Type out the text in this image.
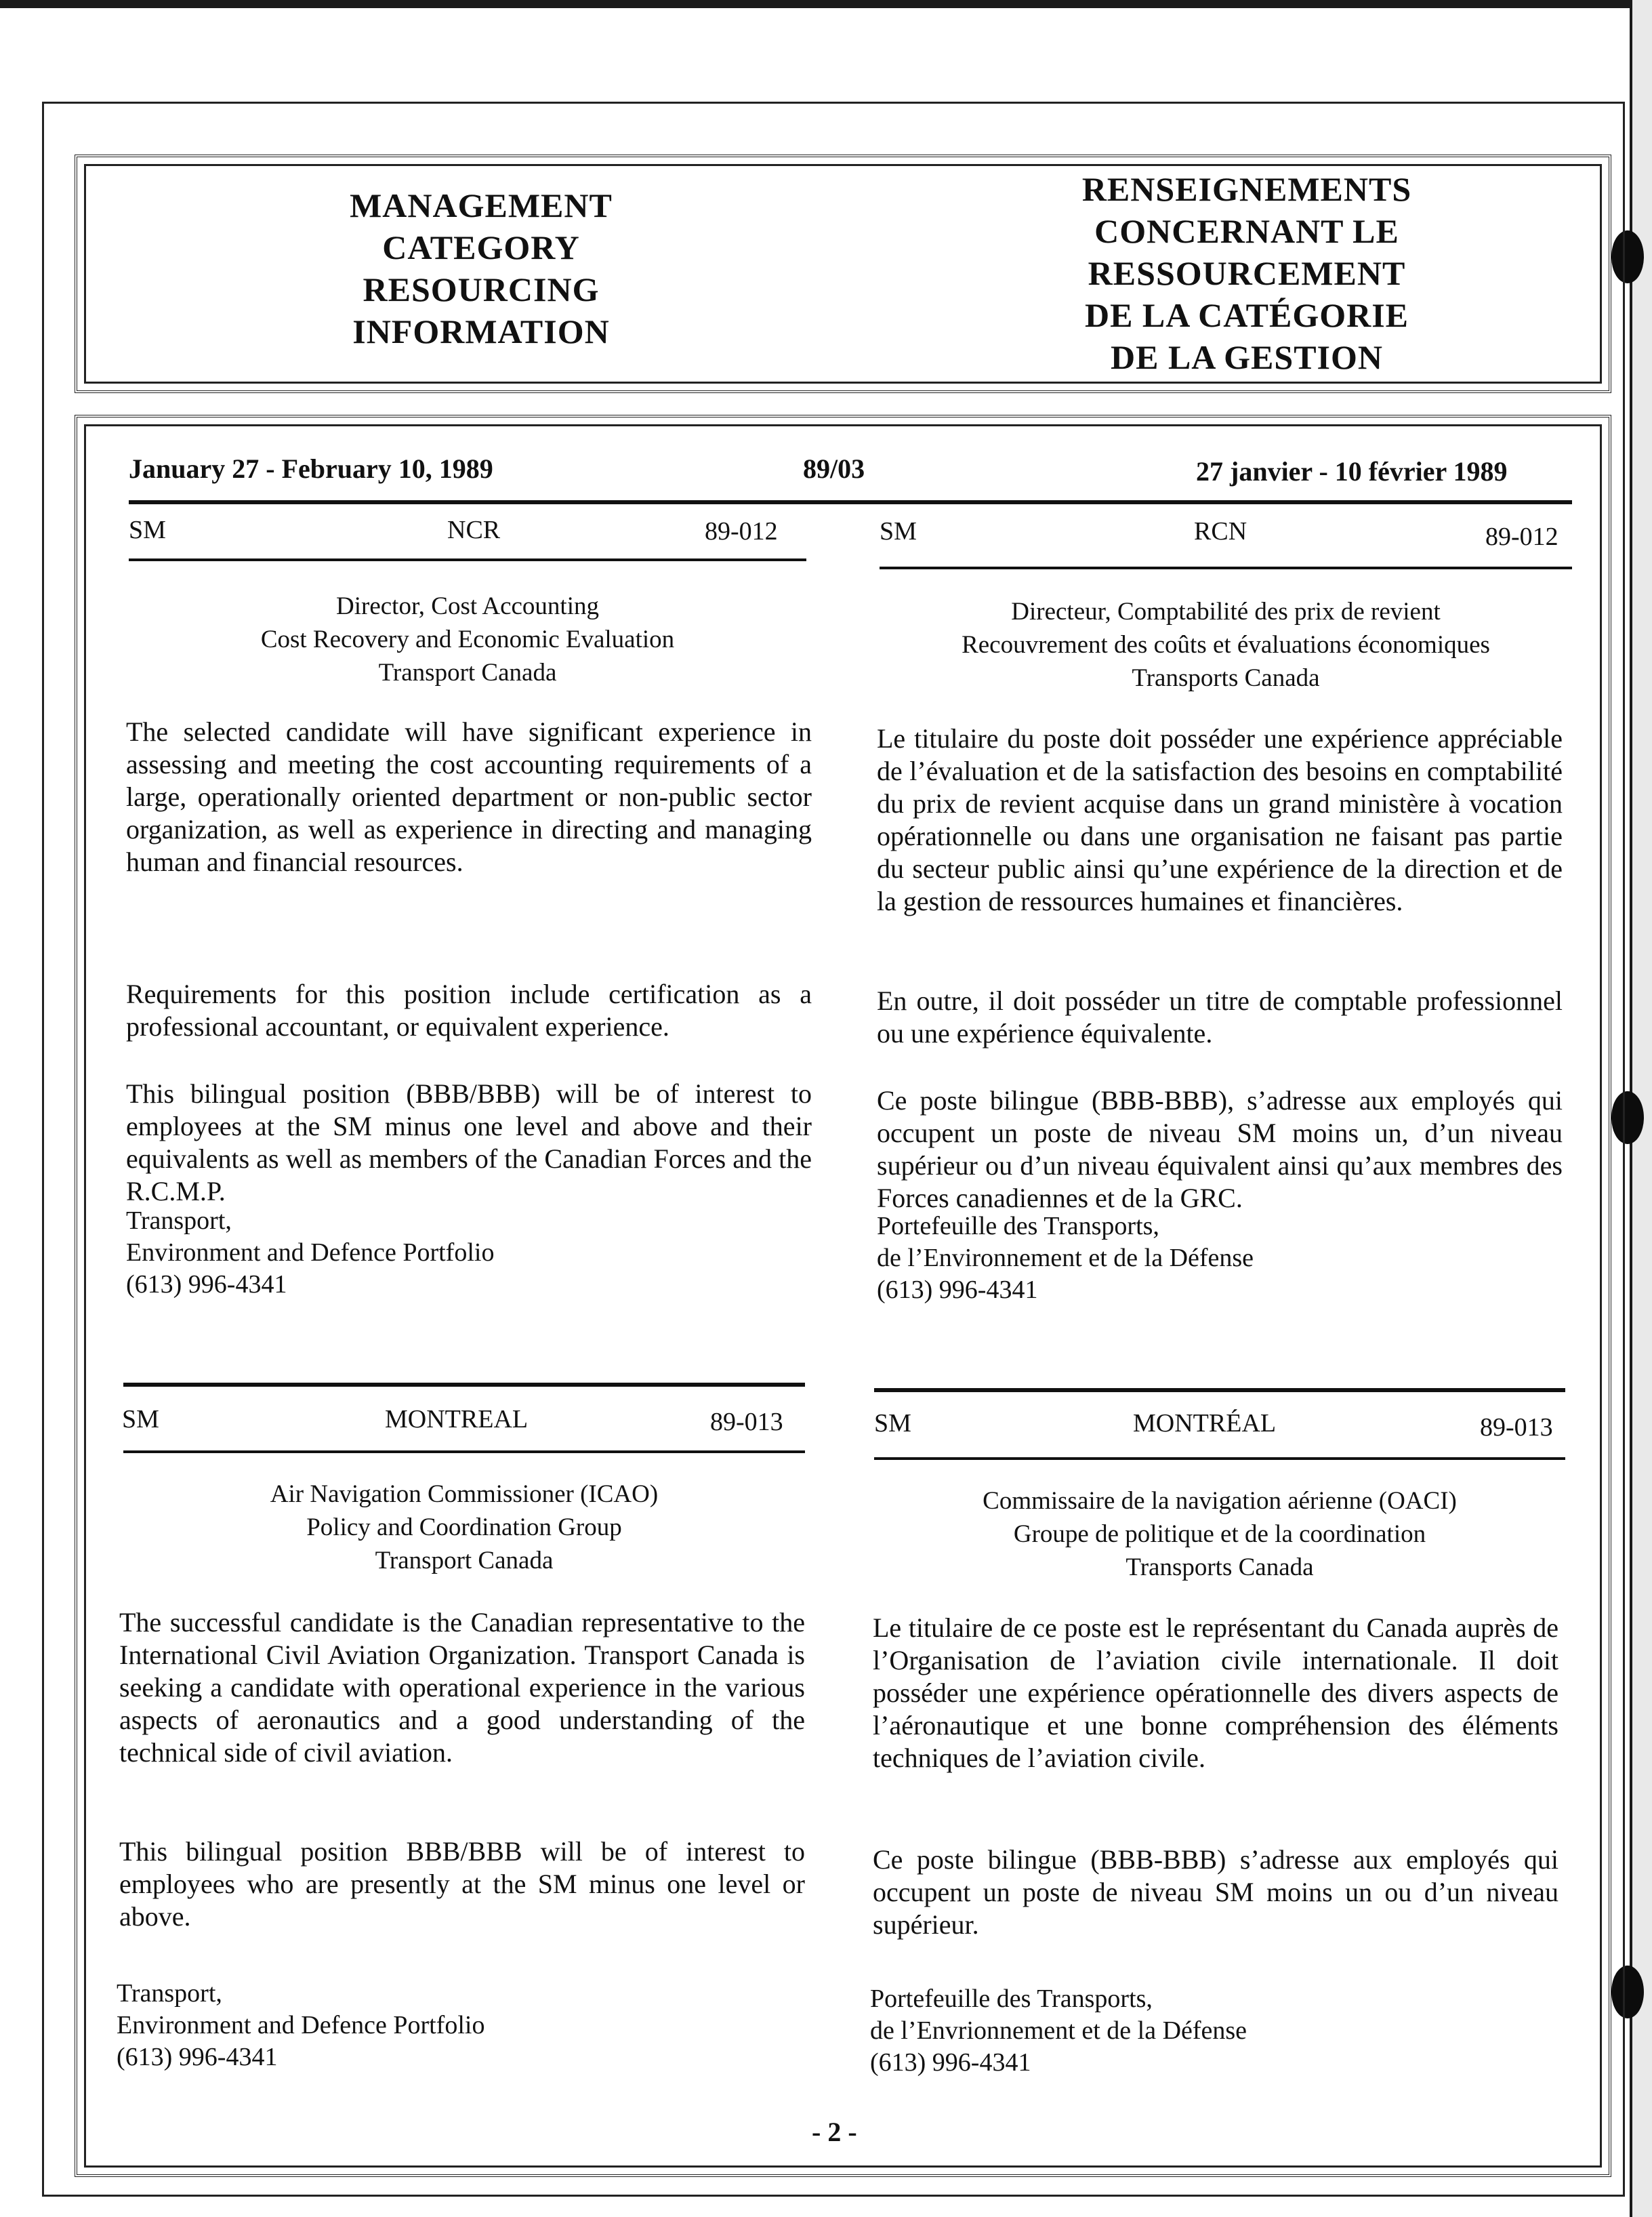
MANAGEMENT
CATEGORY
RESOURCING
INFORMATION
RENSEIGNEMENTS
CONCERNANT LE
RESSOURCEMENT
DE LA CATÉGORIE
DE LA GESTION
January 27 - February 10, 1989	89/03	27 janvier - 10 février 1989
SM	NCR	89-012
Director, Cost Accounting
Cost Recovery and Economic Evaluation
Transport Canada
The selected candidate will have significant experience in assessing and meeting the cost accounting requirements of a large, operationally oriented department or non-public sector organization, as well as experience in directing and managing human and financial resources.
Requirements for this position include certification as a professional accountant, or equivalent experience.
This bilingual position (BBB/BBB) will be of interest to employees at the SM minus one level and above and their equivalents as well as members of the Canadian Forces and the R.C.M.P.
Transport,
Environment and Defence Portfolio
(613) 996-4341
SM	RCN	89-012
Directeur, Comptabilité des prix de revient
Recouvrement des coûts et évaluations économiques
Transports Canada
Le titulaire du poste doit posséder une expérience appréciable de l’évaluation et de la satisfaction des besoins en comptabilité du prix de revient acquise dans un grand ministère à vocation opérationnelle ou dans une organisation ne faisant pas partie du secteur public ainsi qu’une expérience de la direction et de la gestion de ressources humaines et financières.
En outre, il doit posséder un titre de comptable professionnel ou une expérience équivalente.
Ce poste bilingue (BBB-BBB), s’adresse aux employés qui occupent un poste de niveau SM moins un, d’un niveau supérieur ou d’un niveau équivalent ainsi qu’aux membres des Forces canadiennes et de la GRC.
Portefeuille des Transports,
de l’Environnement et de la Défense
(613) 996-4341
SM	MONTREAL	89-013
Air Navigation Commissioner (ICAO)
Policy and Coordination Group
Transport Canada
The successful candidate is the Canadian representative to the International Civil Aviation Organization. Transport Canada is seeking a candidate with operational experience in the various aspects of aeronautics and a good understanding of the technical side of civil aviation.
This bilingual position BBB/BBB will be of interest to employees who are presently at the SM minus one level or above.
Transport,
Environment and Defence Portfolio
(613) 996-4341
SM	MONTRÉAL	89-013
Commissaire de la navigation aérienne (OACI)
Groupe de politique et de la coordination
Transports Canada
Le titulaire de ce poste est le représentant du Canada auprès de l’Organisation de l’aviation civile internationale. Il doit posséder une expérience opérationnelle des divers aspects de l’aéronautique et une bonne compréhension des éléments techniques de l’aviation civile.
Ce poste bilingue (BBB-BBB) s’adresse aux employés qui occupent un poste de niveau SM moins un ou d’un niveau supérieur.
Portefeuille des Transports,
de l’Envrionnement et de la Défense
(613) 996-4341
- 2 -
